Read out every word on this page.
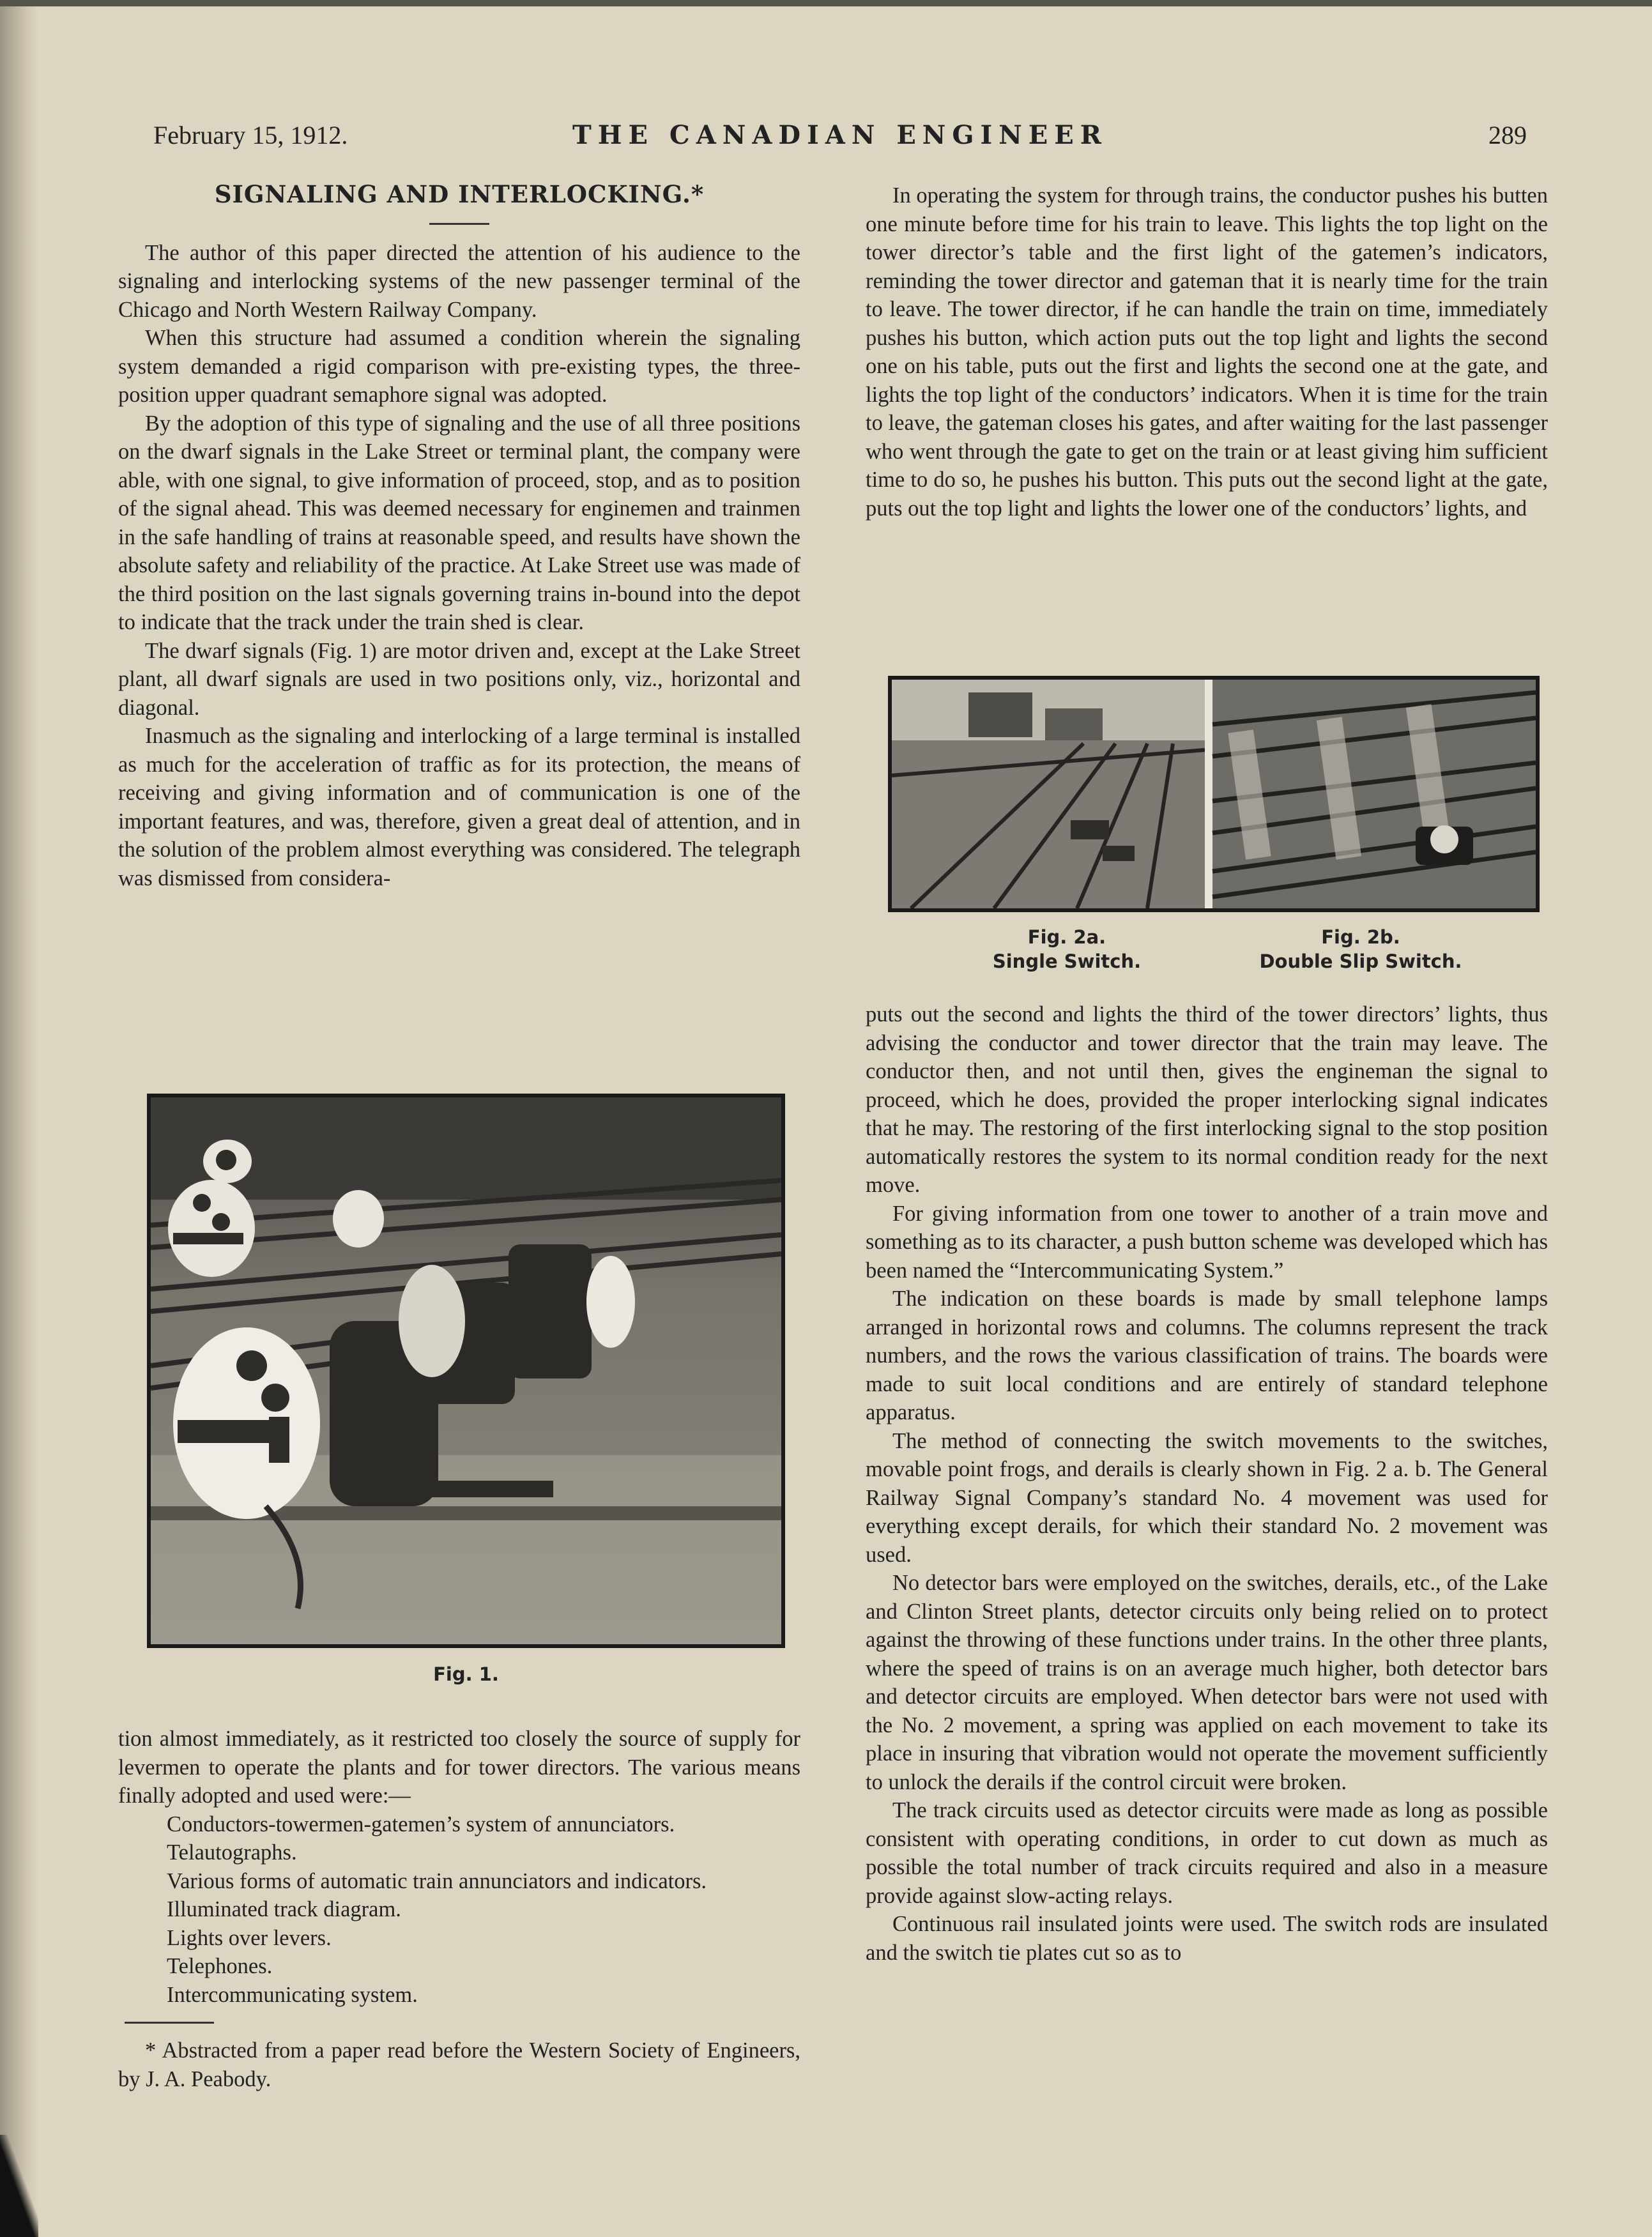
THE CANADIAN ENGINEER
February 15, 1912.	289

SIGNALING AND INTERLOCKING.*

The author of this paper directed the attention of his audience to the signaling and interlocking systems of the new passenger terminal of the Chicago and North Western Railway Company.

When this structure had assumed a condition wherein the signaling system demanded a rigid comparison with pre-existing types, the three-position upper quadrant semaphore signal was adopted.

By the adoption of this type of signaling and the use of all three positions on the dwarf signals in the Lake Street or terminal plant, the company were able, with one signal, to give information of proceed, stop, and as to position of the signal ahead. This was deemed necessary for enginemen and trainmen in the safe handling of trains at reasonable speed, and results have shown the absolute safety and reliability of the practice. At Lake Street use was made of the third position on the last signals governing trains in-bound into the depot to indicate that the track under the train shed is clear.

The dwarf signals (Fig. 1) are motor driven and, except at the Lake Street plant, all dwarf signals are used in two positions only, viz., horizontal and diagonal.

Inasmuch as the signaling and interlocking of a large terminal is installed as much for the acceleration of traffic as for its protection, the means of receiving and giving information and of communication is one of the important features, and was, therefore, given a great deal of attention, and in the solution of the problem almost everything was considered. The telegraph was dismissed from considera-

Fig. 1.

tion almost immediately, as it restricted too closely the source of supply for levermen to operate the plants and for tower directors. The various means finally adopted and used were:—

Conductors-towermen-gatemen’s system of annunciators.

Telautographs.

Various forms of automatic train annunciators and indicators.

Illuminated track diagram.

Lights over levers.

Telephones.

Intercommunicating system.

* Abstracted from a paper read before the Western Society of Engineers, by J. A. Peabody.

In operating the system for through trains, the conductor pushes his butten one minute before time for his train to leave. This lights the top light on the tower director’s table and the first light of the gatemen’s indicators, reminding the tower director and gateman that it is nearly time for the train to leave. The tower director, if he can handle the train on time, immediately pushes his button, which action puts out the top light and lights the second one on his table, puts out the first and lights the second one at the gate, and lights the top light of the conductors’ indicators. When it is time for the train to leave, the gateman closes his gates, and after waiting for the last passenger who went through the gate to get on the train or at least giving him sufficient time to do so, he pushes his button. This puts out the second light at the gate, puts out the top light and lights the lower one of the conductors’ lights, and

Fig. 2a.
Single Switch.
Fig. 2b.
Double Slip Switch.

puts out the second and lights the third of the tower directors’ lights, thus advising the conductor and tower director that the train may leave. The conductor then, and not until then, gives the engineman the signal to proceed, which he does, provided the proper interlocking signal indicates that he may. The restoring of the first interlocking signal to the stop position automatically restores the system to its normal condition ready for the next move.

For giving information from one tower to another of a train move and something as to its character, a push button scheme was developed which has been named the “Intercommunicating System.”

The indication on these boards is made by small telephone lamps arranged in horizontal rows and columns. The columns represent the track numbers, and the rows the various classification of trains. The boards were made to suit local conditions and are entirely of standard telephone apparatus.

The method of connecting the switch movements to the switches, movable point frogs, and derails is clearly shown in Fig. 2 a. b. The General Railway Signal Company’s standard No. 4 movement was used for everything except derails, for which their standard No. 2 movement was used.

No detector bars were employed on the switches, derails, etc., of the Lake and Clinton Street plants, detector circuits only being relied on to protect against the throwing of these functions under trains. In the other three plants, where the speed of trains is on an average much higher, both detector bars and detector circuits are employed. When detector bars were not used with the No. 2 movement, a spring was applied on each movement to take its place in insuring that vibration would not operate the movement sufficiently to unlock the derails if the control circuit were broken.

The track circuits used as detector circuits were made as long as possible consistent with operating conditions, in order to cut down as much as possible the total number of track circuits required and also in a measure provide against slow-acting relays.

Continuous rail insulated joints were used. The switch rods are insulated and the switch tie plates cut so as to
